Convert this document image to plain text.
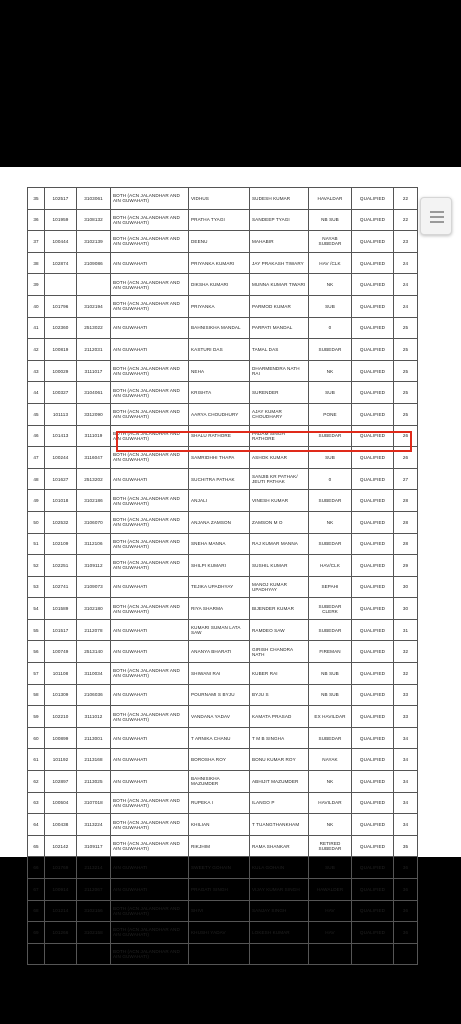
35	102517	3103061	BOTH (ACN JALANDHAR AND AIN GUWAHATI)	VIDHUS	SUDESH KUMAR	HAVALDAR	QUALIFIED	22
36	101959	3108132	BOTH (ACN JALANDHAR AND AIN GUWAHATI)	PRATHA TYAGI	SANDEEP TYAGI	NB SUB	QUALIFIED	22
37	100444	3102139	BOTH (ACN JALANDHAR AND AIN GUWAHATI)	DEENU	MAHABIR	NAYAB SUBEDAR	QUALIFIED	23
38	102874	2109086	AIN GUWAHATI	PRIYANKA KUMARI	JAY PRAKASH TIWARY	HAV /CLK	QUALIFIED	24
39			BOTH (ACN JALANDHAR AND AIN GUWAHATI)	DIKSHA KUMARI	MUNNA KUMAR TIWARI	NK	QUALIFIED	24
40	101796	3102194	BOTH (ACN JALANDHAR AND AIN GUWAHATI)	PRIYANKA	PARMOD KUMAR	SUB	QUALIFIED	24
41	102360	2513022	AIN GUWAHATI	BAHNISIKHA MANDAL	PARPATI MANDAL	0	QUALIFIED	25
42	100819	2112031	AIN GUWAHATI	KASTURI DAS	TAMAL DAS	SUBEDAR	QUALIFIED	25
43	100029	3111017	BOTH (ACN JALANDHAR AND AIN GUWAHATI)	NEHA	DHARMENDRA NATH RAI	NK	QUALIFIED	25
44	100327	3104061	BOTH (ACN JALANDHAR AND AIN GUWAHATI)	KRISHTA	SURENDER	SUB	QUALIFIED	25
45	101113	3312090	BOTH (ACN JALANDHAR AND AIN GUWAHATI)	AARYA CHOUDHURY	AJAY KUMAR CHOUDHARY	PONE	QUALIFIED	25
46	101413	3111019	BOTH (ACN JALANDHAR AND AIN GUWAHATI)	SHALU RATHORE	PADAM SINGH RATHORE	SUBEDAR	QUALIFIED	26
47	100244	3116047	BOTH (ACN JALANDHAR AND AIN GUWAHATI)	SAMRIDHHI THAPA	ASHOK KUMAR	SUB	QUALIFIED	26
48	101627	2513202	AIN GUWAHATI	SUCHITRA PATHAK	SANJIB KR PATHAK/ JEUTI PATHAK	0	QUALIFIED	27
49	101018	3102186	BOTH (ACN JALANDHAR AND AIN GUWAHATI)	ANJALI	VINESH KUMAR	SUBEDAR	QUALIFIED	28
50	102532	3106070	BOTH (ACN JALANDHAR AND AIN GUWAHATI)	ANJANA ZAMSON	ZAMSON M O	NK	QUALIFIED	28
51	102109	3112106	BOTH (ACN JALANDHAR AND AIN GUWAHATI)	SNEHA MANNA	RAJ KUMAR MANNA	SUBEDAR	QUALIFIED	28
52	102251	3109112	BOTH (ACN JALANDHAR AND AIN GUWAHATI)	SHILPI KUMARI	SUSHIL KUMAR	HAV/CLK	QUALIFIED	29
53	102741	2109073	AIN GUWAHATI	TEJIKA UPADHYAY	MANOJ KUMAR UPADHYAY	SEPAHI	QUALIFIED	30
54	101589	3102180	BOTH (ACN JALANDHAR AND AIN GUWAHATI)	RIYA SHARMA	BIJENDER KUMAR	SUBEDAR CLERK	QUALIFIED	30
55	101517	2112078	AIN GUWAHATI	KUMARI SUMAN LATA SAW	RAMDEO SAW	SUBEDAR	QUALIFIED	31
56	100749	2513140	AIN GUWAHATI	ANANYA BHARATI	GIRISH CHANDRA NATH	FIREMAN	QUALIFIED	32
57	101108	3110034	BOTH (ACN JALANDHAR AND AIN GUWAHATI)	SHIWANI RAI	KUBER RAI	NB SUB	QUALIFIED	32
58	101309	2106036	AIN GUWAHATI	POURNAMI S BYJU	BYJU S	NB SUB	QUALIFIED	33
59	102210	3111012	BOTH (ACN JALANDHAR AND AIN GUWAHATI)	VANDANA YADAV	KAMATA PRASAD	EX HAVILDAR	QUALIFIED	33
60	100899	2113001	AIN GUWAHATI	T ARNIKA CHANU	T M B SINGHA	SUBEDAR	QUALIFIED	34
61	101192	2113168	AIN GUWAHATI	BOROSHA ROY	BONU KUMAR ROY	NAYAK	QUALIFIED	34
62	102897	2113025	AIN GUWAHATI	BAHNISIKHA MAZUMDER	ABHIJIT MAZUMDER	NK	QUALIFIED	34
63	100504	3107018	BOTH (ACN JALANDHAR AND AIN GUWAHATI)	RUPEKA I	ILANGO P	HAVILDAR	QUALIFIED	34
64	100438	3113224	BOTH (ACN JALANDHAR AND AIN GUWAHATI)	KHILIAN	T TUANGTHANKHAM	NK	QUALIFIED	34
65	102142	3109117	BOTH (ACN JALANDHAR AND AIN GUWAHATI)	RIKJHIM	RAMA SHANKAR	RETIRED SUBEDAR	QUALIFIED	35
66	101769	2113214	AIN GUWAHATI	SWEETY GOHAIN	KULA GOHAIN	SUB	QUALIFIED	36
67	100914	2112067	AIN GUWAHATI	PRAGATI SINGH	VIJAY KUMAR SINGH	HAWALDER	QUALIFIED	36
68	101214	3102156	BOTH (ACN JALANDHAR AND AIN GUWAHATI)	SHIVI	SANJAY SINGH	HAV	QUALIFIED	36
69	101266	3102158	BOTH (ACN JALANDHAR AND AIN GUWAHATI)	KHUSHI YADAV	LOKESH KUMAR	HAV	QUALIFIED	36
			BOTH (ACN JALANDHAR AND AIN GUWAHATI)					
